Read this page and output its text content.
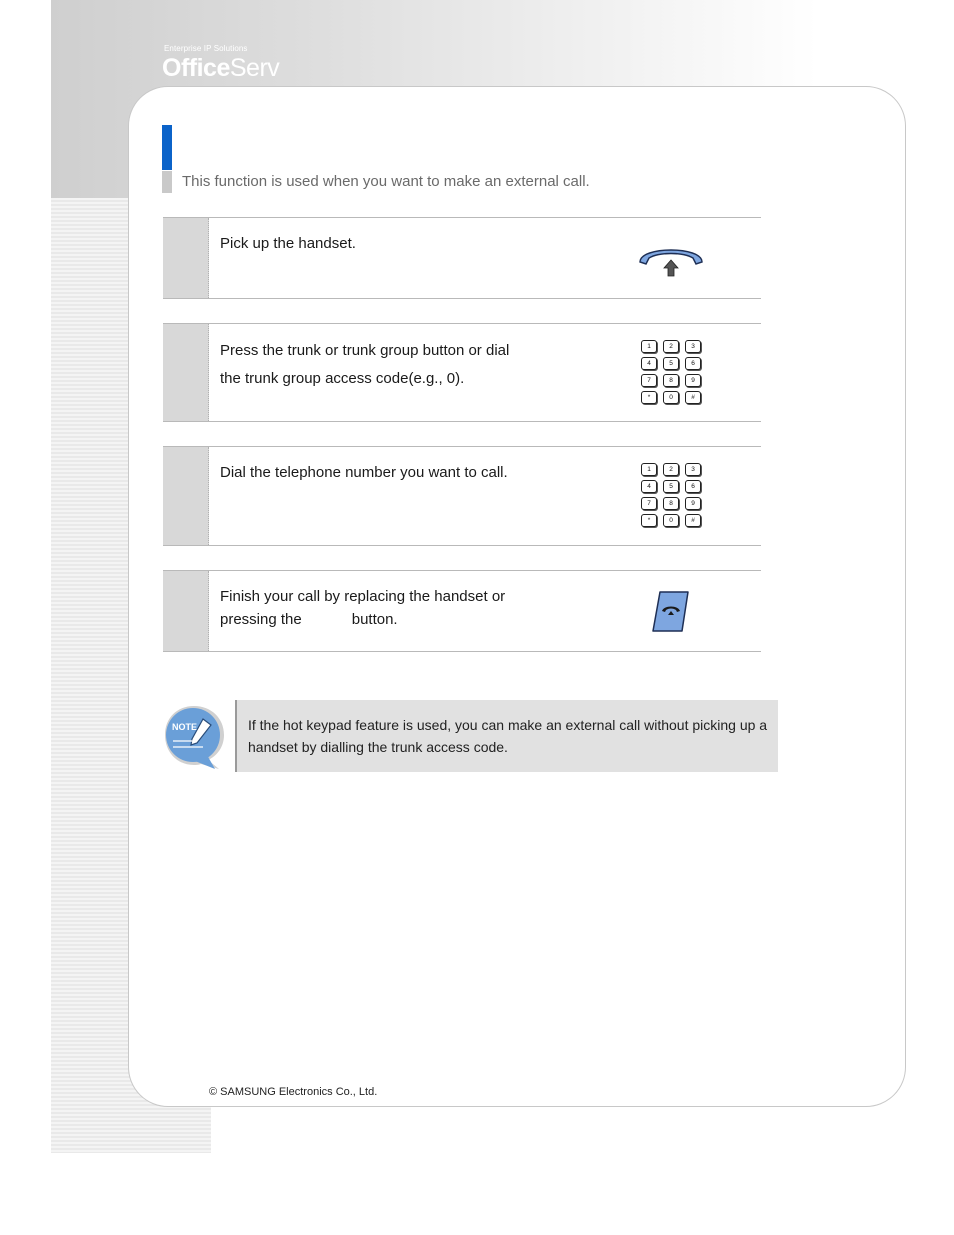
Enterprise IP Solutions
OfficeServ
This function is used when you want to make an external call.
Pick up the handset.
Press the trunk or trunk group button or dial
the trunk group access code(e.g., 0).
1	2	3
4	5	6
7	8	9
*	0	#
Dial the telephone number you want to call.	1	2	3
4	5	6
7	8	9
*	0	#
Finish your call by replacing the handset or
pressing the            button.
NOTE	If the hot keypad feature is used, you can make an external call without picking up a handset by dialling the trunk access code.
© SAMSUNG Electronics Co., Ltd.
